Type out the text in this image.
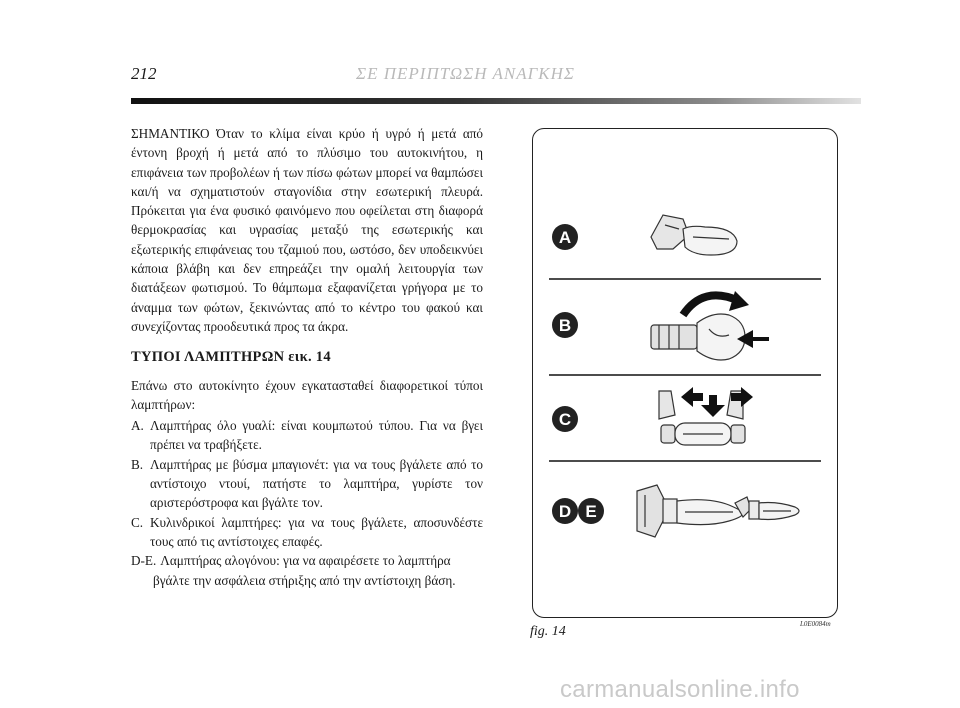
212	ΣΕ ΠΕΡΙΠΤΩΣΗ ΑΝΑΓΚΗΣ

ΣΗΜΑΝΤΙΚΟ Όταν το κλίμα είναι κρύο ή υγρό ή μετά από έντονη βροχή ή μετά από το πλύσιμο του αυτοκινήτου, η επιφάνεια των προβολέων ή των πίσω φώτων μπορεί να θαμπώσει και/ή να σχηματιστούν σταγονίδια στην εσωτερική πλευρά. Πρόκειται για ένα φυσικό φαινόμενο που οφείλεται στη διαφορά θερμοκρασίας και υγρασίας μεταξύ της εσωτερικής και εξωτερικής επιφάνειας του τζαμιού που, ωστόσο, δεν υποδεικνύει κάποια βλάβη και δεν επηρεάζει την ομαλή λειτουργία των διατάξεων φωτισμού. Το θάμπωμα εξαφανίζεται γρήγορα με το άναμμα των φώτων, ξεκινώντας από το κέντρο του φακού και συνεχίζοντας προοδευτικά προς τα άκρα.

ΤΥΠΟΙ ΛΑΜΠΤΗΡΩΝ εικ. 14

Επάνω στο αυτοκίνητο έχουν εγκατασταθεί διαφορετικοί τύποι λαμπτήρων:

A. Λαμπτήρας όλο γυαλί: είναι κουμπωτού τύπου. Για να βγει πρέπει να τραβήξετε.
B. Λαμπτήρας με βύσμα μπαγιονέτ: για να τους βγάλετε από το αντίστοιχο ντουί, πατήστε το λαμπτήρα, γυρίστε τον αριστερόστροφα και βγάλτε τον.
C. Κυλινδρικοί λαμπτήρες: για να τους βγάλετε, αποσυνδέστε τους από τις αντίστοιχες επαφές.
D-E. Λαμπτήρας αλογόνου: για να αφαιρέσετε το λαμπτήρα
βγάλτε την ασφάλεια στήριξης από την αντίστοιχη βάση.
A
B
C
D E
fig. 14	L0E0084m
carmanualsonline.info
